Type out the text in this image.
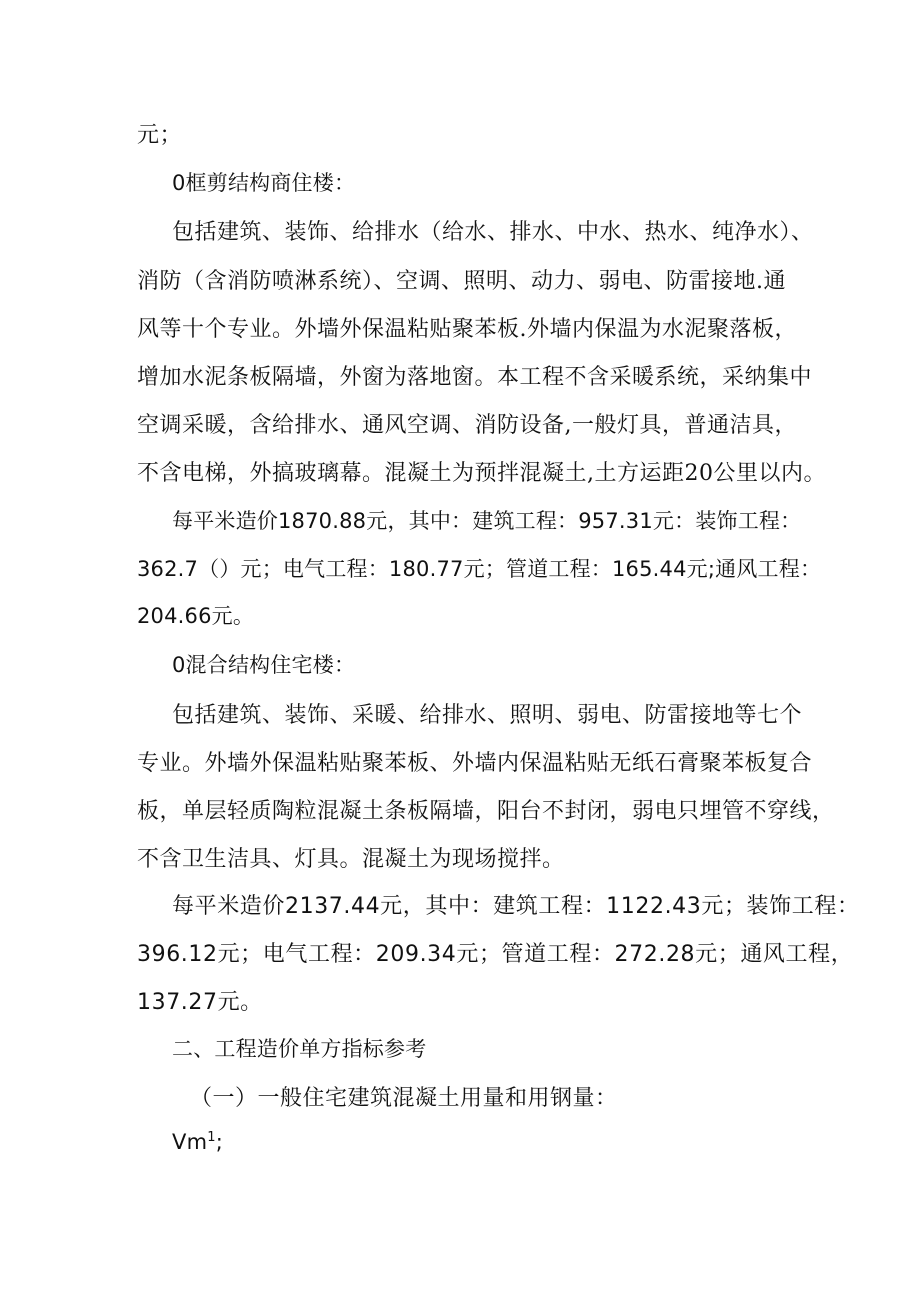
元；
0框剪结构商住楼：
包括建筑、装饰、给排水（给水、排水、中水、热水、纯净水）、
消防（含消防喷淋系统）、空调、照明、动力、弱电、防雷接地.通
风等十个专业。外墙外保温粘贴聚苯板.外墙内保温为水泥聚落板，
增加水泥条板隔墙，外窗为落地窗。本工程不含采暖系统，采纳集中
空调采暖，含给排水、通风空调、消防设备,一般灯具，普通洁具，
不含电梯，外搞玻璃幕。混凝土为预拌混凝土,土方运距20公里以内。
每平米造价1870.88元，其中：建筑工程：957.31元：装饰工程：
362.7（）元；电气工程：180.77元；管道工程：165.44元;通风工程：
204.66元。
0混合结构住宅楼：
包括建筑、装饰、采暖、给排水、照明、弱电、防雷接地等七个
专业。外墙外保温粘贴聚苯板、外墙内保温粘贴无纸石膏聚苯板复合
板，单层轻质陶粒混凝土条板隔墙，阳台不封闭，弱电只埋管不穿线，
不含卫生洁具、灯具。混凝土为现场搅拌。
每平米造价2137.44元，其中：建筑工程：1122.43元；装饰工程：
396.12元；电气工程：209.34元；管道工程：272.28元；通风工程，
137.27元。
二、工程造价单方指标参考
（一）一般住宅建筑混凝土用量和用钢量：
Vm$^1$;
